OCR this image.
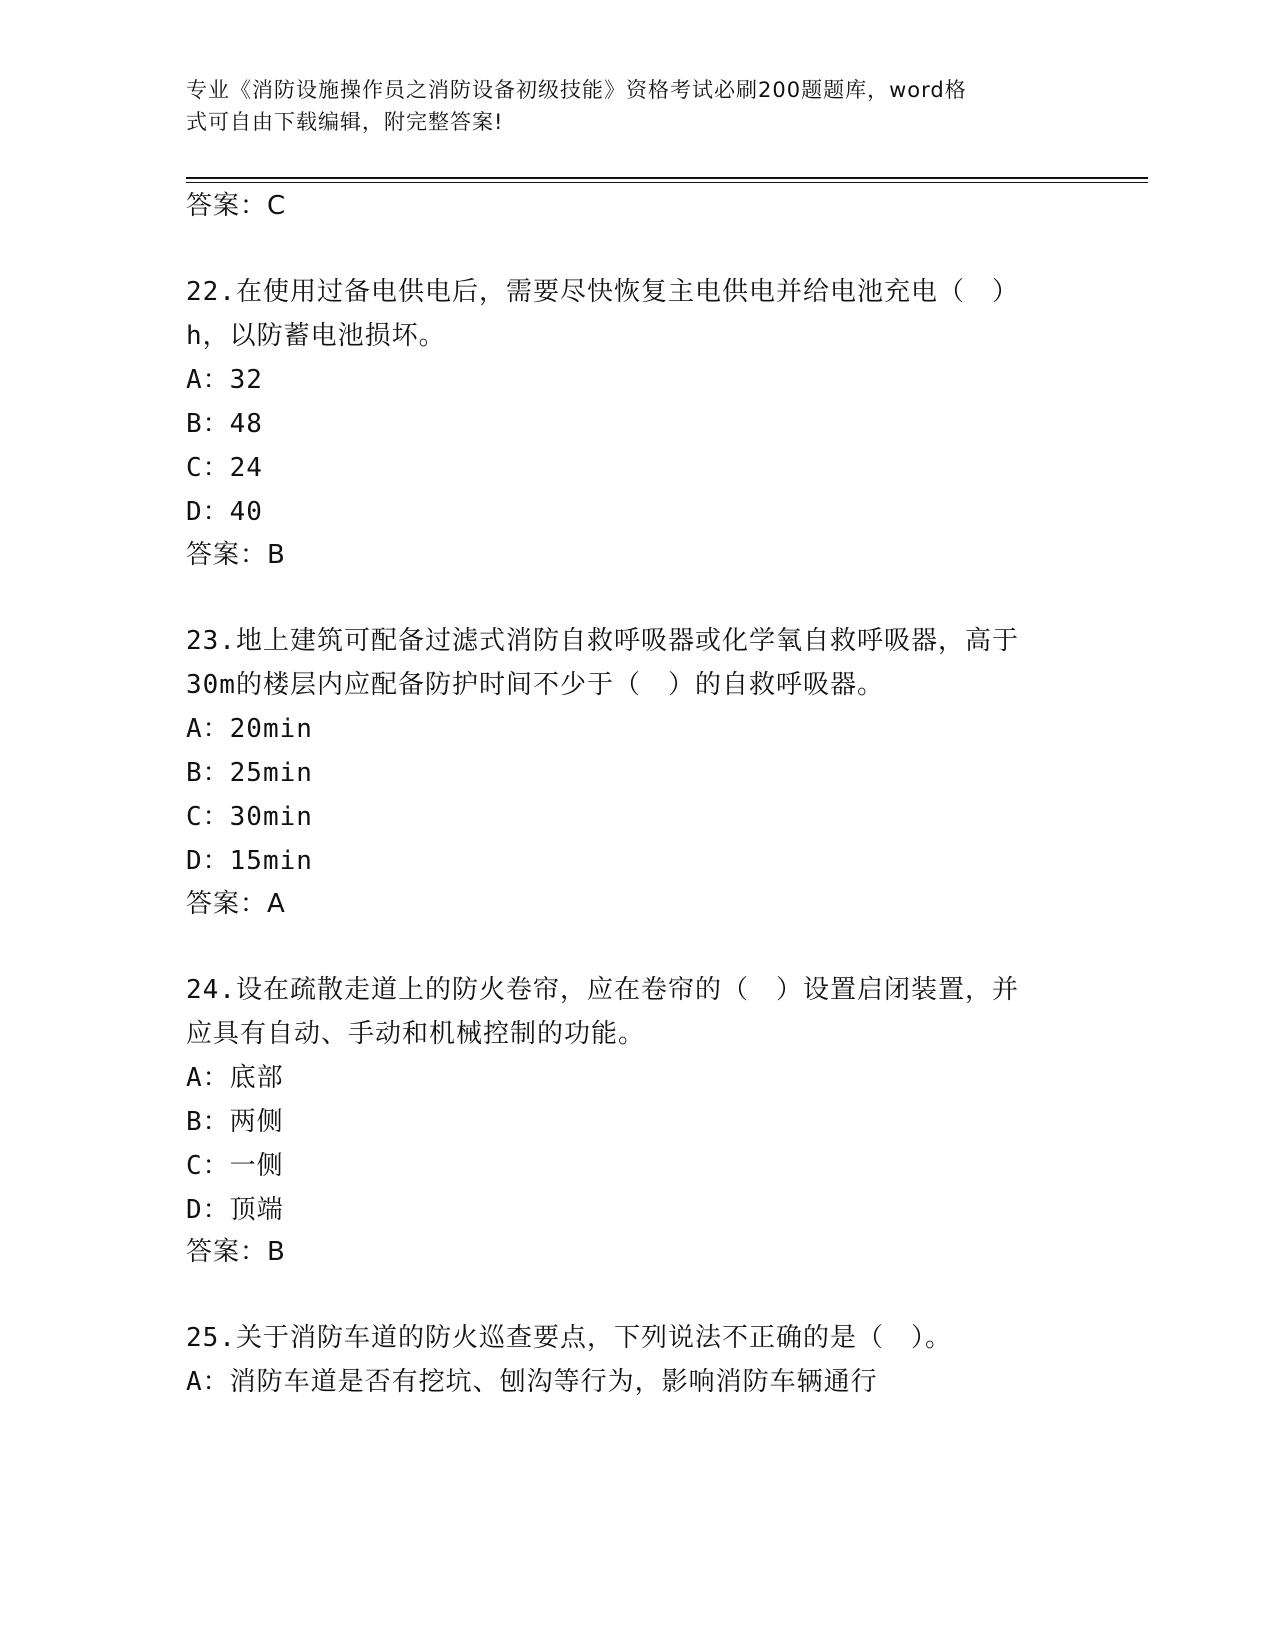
专业《消防设施操作员之消防设备初级技能》资格考试必刷200题题库，word格
式可自由下载编辑，附完整答案!
答案：C
22.在使用过备电供电后，需要尽快恢复主电供电并给电池充电（　）
h，以防蓄电池损坏。
A：32
B：48
C：24
D：40
答案：B
23.地上建筑可配备过滤式消防自救呼吸器或化学氧自救呼吸器，高于
30m的楼层内应配备防护时间不少于（　）的自救呼吸器。
A：20min
B：25min
C：30min
D：15min
答案：A
24.设在疏散走道上的防火卷帘，应在卷帘的（　）设置启闭装置，并
应具有自动、手动和机械控制的功能。
A：底部
B：两侧
C：一侧
D：顶端
答案：B
25.关于消防车道的防火巡查要点，下列说法不正确的是（　）。
A：消防车道是否有挖坑、刨沟等行为，影响消防车辆通行
